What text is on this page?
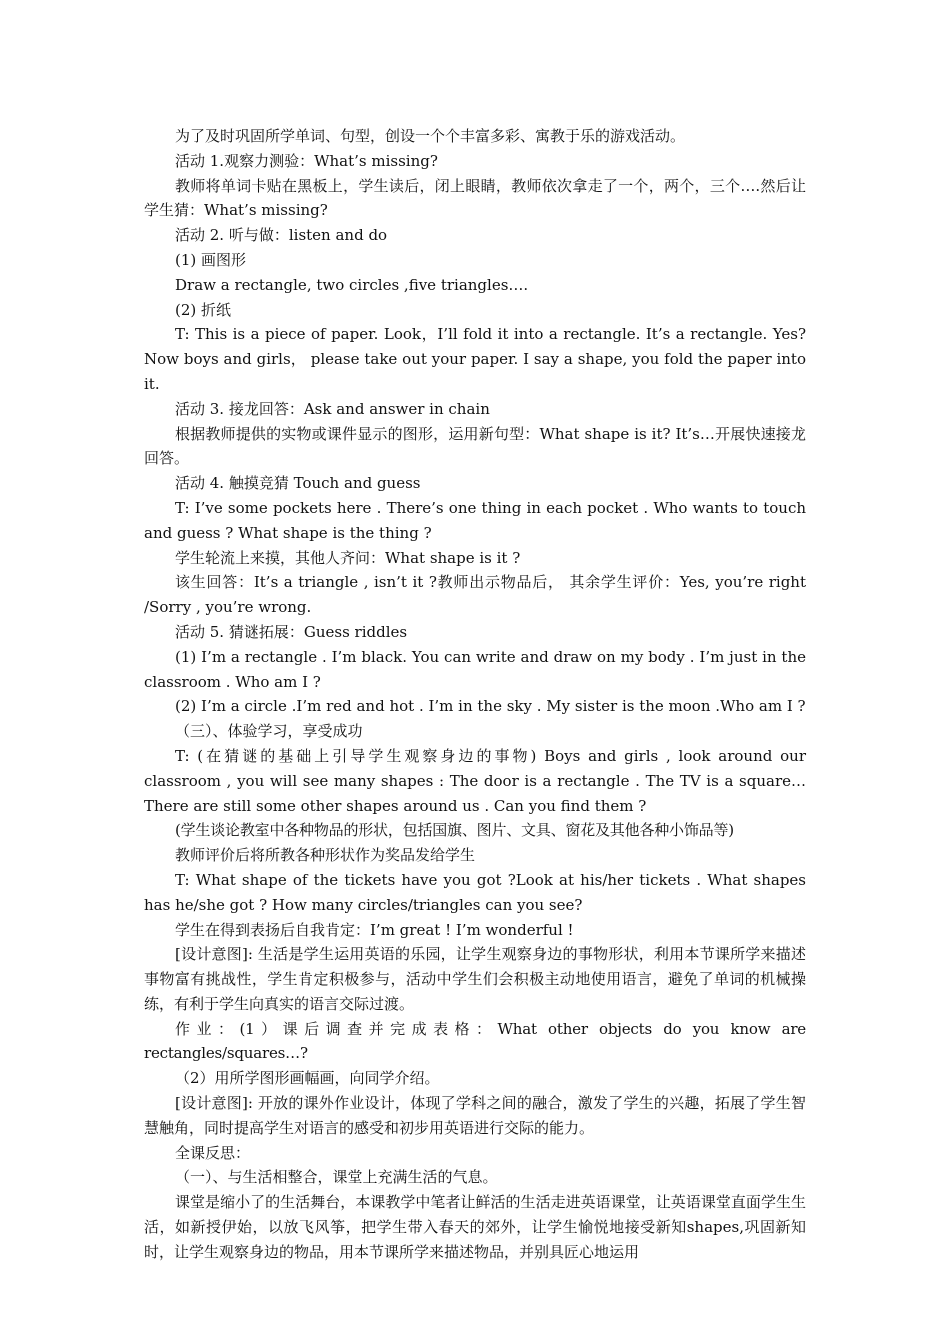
为了及时巩固所学单词、句型，创设一个个丰富多彩、寓教于乐的游戏活动。

活动 1.观察力测验：What’s missing?

教师将单词卡贴在黑板上，学生读后，闭上眼睛，教师依次拿走了一个，两个，三个….然后让学生猜：What’s missing?

活动 2. 听与做：listen and do

(1) 画图形

Draw a rectangle, two circles ,five triangles….

(2) 折纸

T: This is a piece of paper. Look，I’ll fold it into a rectangle. It’s a rectangle. Yes? Now boys and girls， please take out your paper. I say a shape, you fold the paper into it.

活动 3. 接龙回答：Ask and answer in chain

根据教师提供的实物或课件显示的图形，运用新句型：What shape is it? It’s…开展快速接龙回答。

活动 4. 触摸竞猜 Touch and guess

T: I’ve some pockets here . There’s one thing in each pocket . Who wants to touch and guess ? What shape is the thing ?

学生轮流上来摸，其他人齐问：What shape is it ?

该生回答：It’s a triangle , isn’t it ?教师出示物品后， 其余学生评价：Yes, you’re right /Sorry , you’re wrong.

活动 5. 猜谜拓展：Guess riddles

(1) I’m a rectangle . I’m black. You can write and draw on my body . I’m just in the classroom . Who am I ?

(2) I’m a circle .I’m red and hot . I’m in the sky . My sister is the moon .Who am I ?

（三）、体验学习，享受成功

T: (在猜谜的基础上引导学生观察身边的事物) Boys and girls , look around our classroom , you will see many shapes : The door is a rectangle . The TV is a square… There are still some other shapes around us . Can you find them ?

(学生谈论教室中各种物品的形状，包括国旗、图片、文具、窗花及其他各种小饰品等)

教师评价后将所教各种形状作为奖品发给学生

T: What shape of the tickets have you got ?Look at his/her tickets . What shapes has he/she got ? How many circles/triangles can you see?

学生在得到表扬后自我肯定：I’m great ! I’m wonderful !

[设计意图]: 生活是学生运用英语的乐园，让学生观察身边的事物形状，利用本节课所学来描述事物富有挑战性，学生肯定积极参与，活动中学生们会积极主动地使用语言，避免了单词的机械操练，有利于学生向真实的语言交际过渡。

作业：(1）课后调查并完成表格：What other objects do you know are rectangles/squares…?

（2）用所学图形画幅画，向同学介绍。

[设计意图]: 开放的课外作业设计，体现了学科之间的融合，激发了学生的兴趣，拓展了学生智慧触角，同时提高学生对语言的感受和初步用英语进行交际的能力。

全课反思：

（一）、与生活相整合，课堂上充满生活的气息。

课堂是缩小了的生活舞台，本课教学中笔者让鲜活的生活走进英语课堂，让英语课堂直面学生生活，如新授伊始，以放飞风筝，把学生带入春天的郊外，让学生愉悦地接受新知shapes,巩固新知时，让学生观察身边的物品，用本节课所学来描述物品，并别具匠心地运用
